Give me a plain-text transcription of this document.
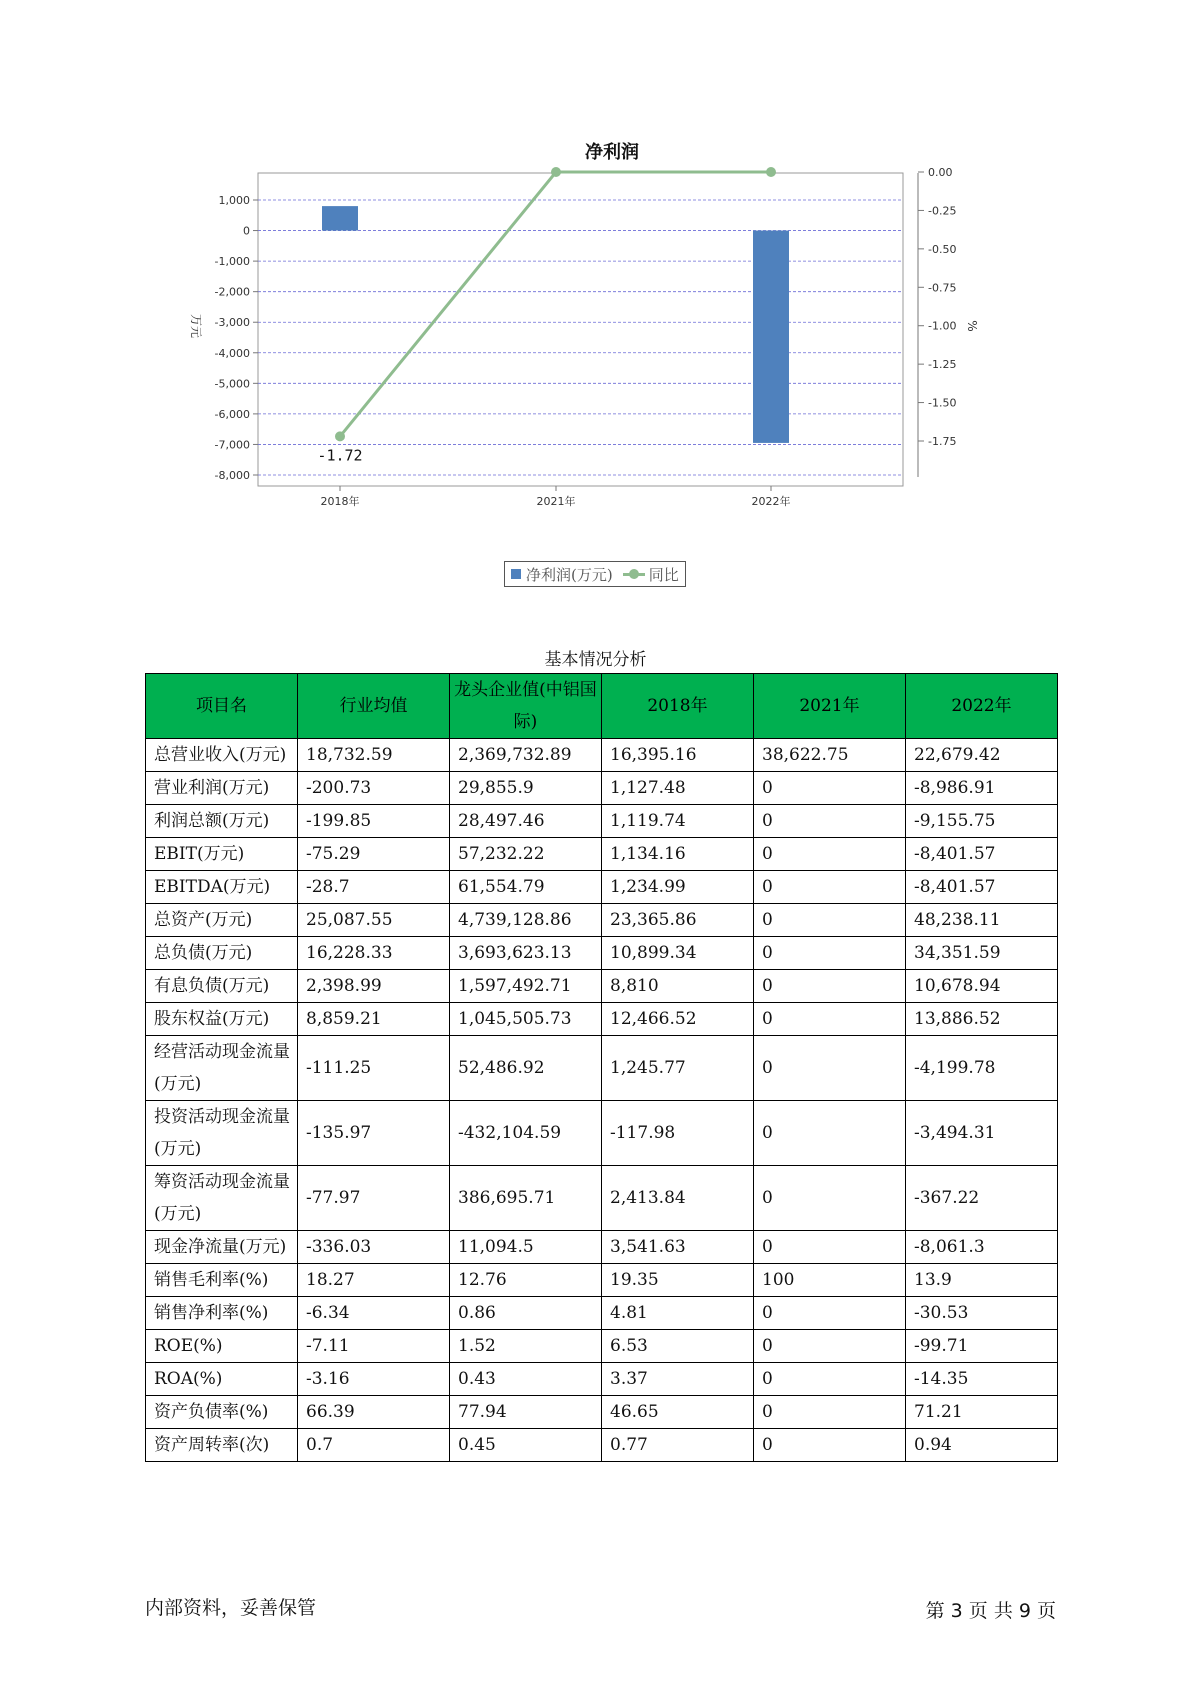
净利润
1,000
0
-1,000
-2,000
-3,000
-4,000
-5,000
-6,000
-7,000
-8,000
0.00
-0.25
-0.50
-0.75
-1.00
-1.25
-1.50
-1.75
2018年	2021年	2022年
万元	%
-1.72
净利润(万元) 同比
基本情况分析
项目名	行业均值	龙头企业值(中铝国际)	2018年	2021年	2022年
总营业收入(万元)	18,732.59	2,369,732.89	16,395.16	38,622.75	22,679.42
营业利润(万元)	-200.73	29,855.9	1,127.48	0	-8,986.91
利润总额(万元)	-199.85	28,497.46	1,119.74	0	-9,155.75
EBIT(万元)	-75.29	57,232.22	1,134.16	0	-8,401.57
EBITDA(万元)	-28.7	61,554.79	1,234.99	0	-8,401.57
总资产(万元)	25,087.55	4,739,128.86	23,365.86	0	48,238.11
总负债(万元)	16,228.33	3,693,623.13	10,899.34	0	34,351.59
有息负债(万元)	2,398.99	1,597,492.71	8,810	0	10,678.94
股东权益(万元)	8,859.21	1,045,505.73	12,466.52	0	13,886.52
经营活动现金流量(万元)	-111.25	52,486.92	1,245.77	0	-4,199.78
投资活动现金流量(万元)	-135.97	-432,104.59	-117.98	0	-3,494.31
筹资活动现金流量(万元)	-77.97	386,695.71	2,413.84	0	-367.22
现金净流量(万元)	-336.03	11,094.5	3,541.63	0	-8,061.3
销售毛利率(%)	18.27	12.76	19.35	100	13.9
销售净利率(%)	-6.34	0.86	4.81	0	-30.53
ROE(%)	-7.11	1.52	6.53	0	-99.71
ROA(%)	-3.16	0.43	3.37	0	-14.35
资产负债率(%)	66.39	77.94	46.65	0	71.21
资产周转率(次)	0.7	0.45	0.77	0	0.94
内部资料，妥善保管	第 3 页 共 9 页
